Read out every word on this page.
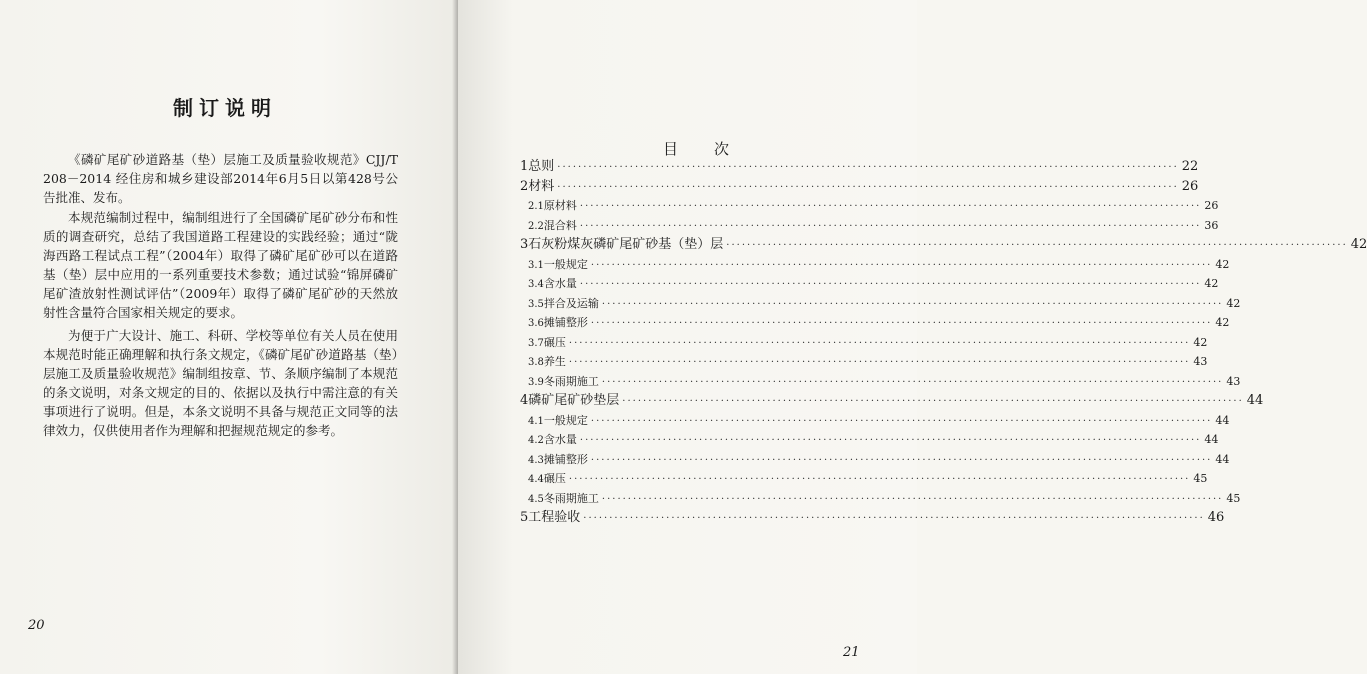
制订说明

《磷矿尾矿砂道路基（垫）层施工及质量验收规范》CJJ/T 208－2014 经住房和城乡建设部2014年6月5日以第428号公告批准、发布。

本规范编制过程中，编制组进行了全国磷矿尾矿砂分布和性质的调查研究，总结了我国道路工程建设的实践经验；通过“陇海西路工程试点工程”（2004年）取得了磷矿尾矿砂可以在道路基（垫）层中应用的一系列重要技术参数；通过试验“锦屏磷矿尾矿渣放射性测试评估”（2009年）取得了磷矿尾矿砂的天然放射性含量符合国家相关规定的要求。

为便于广大设计、施工、科研、学校等单位有关人员在使用本规范时能正确理解和执行条文规定，《磷矿尾矿砂道路基（垫）层施工及质量验收规范》编制组按章、节、条顺序编制了本规范的条文说明，对条文规定的目的、依据以及执行中需注意的有关事项进行了说明。但是，本条文说明不具备与规范正文同等的法律效力，仅供使用者作为理解和把握规范规定的参考。

20
目次
1 总则 ························································································································ 22
2 材料 ························································································································ 26
2.1 原材料 ························································································································ 26
2.2 混合料 ························································································································ 36
3 石灰粉煤灰磷矿尾矿砂基（垫）层 ························································································································ 42
3.1 一般规定 ························································································································ 42
3.4 含水量 ························································································································ 42
3.5 拌合及运输 ························································································································ 42
3.6 摊铺整形 ························································································································ 42
3.7 碾压 ························································································································ 42
3.8 养生 ························································································································ 43
3.9 冬雨期施工 ························································································································ 43
4 磷矿尾矿砂垫层 ························································································································ 44
4.1 一般规定 ························································································································ 44
4.2 含水量 ························································································································ 44
4.3 摊铺整形 ························································································································ 44
4.4 碾压 ························································································································ 45
4.5 冬雨期施工 ························································································································ 45
5 工程验收 ························································································································ 46
21
